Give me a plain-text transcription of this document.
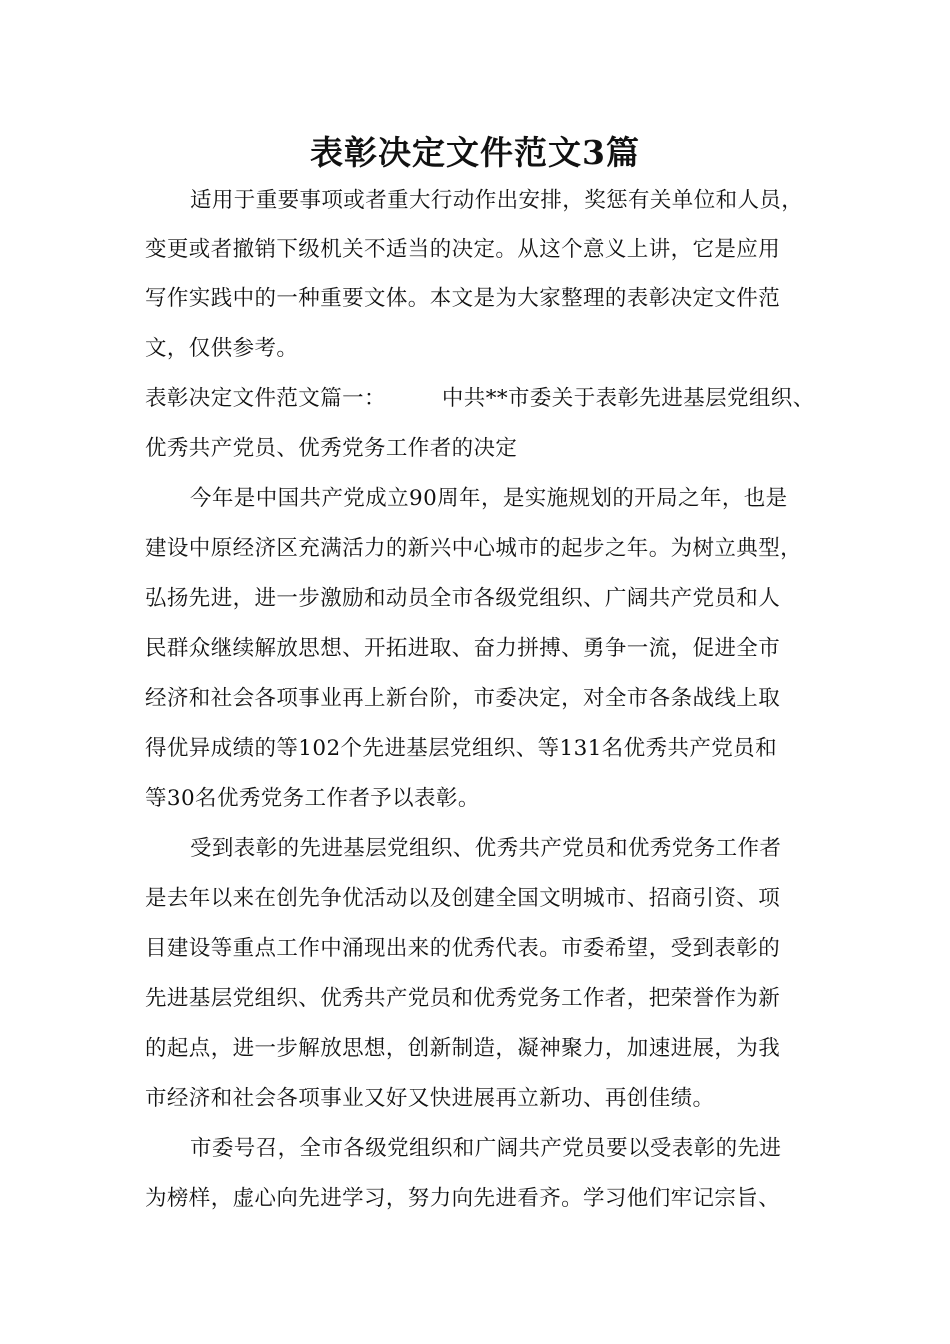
表彰决定文件范文3篇
适用于重要事项或者重大行动作出安排，奖惩有关单位和人员，
变更或者撤销下级机关不适当的决定。从这个意义上讲，它是应用
写作实践中的一种重要文体。本文是为大家整理的表彰决定文件范
文，仅供参考。
表彰决定文件范文篇一：	中共**市委关于表彰先进基层党组织、
优秀共产党员、优秀党务工作者的决定
今年是中国共产党成立90周年，是实施规划的开局之年，也是
建设中原经济区充满活力的新兴中心城市的起步之年。为树立典型，
弘扬先进，进一步激励和动员全市各级党组织、广阔共产党员和人
民群众继续解放思想、开拓进取、奋力拼搏、勇争一流，促进全市
经济和社会各项事业再上新台阶，市委决定，对全市各条战线上取
得优异成绩的等102个先进基层党组织、等131名优秀共产党员和
等30名优秀党务工作者予以表彰。
受到表彰的先进基层党组织、优秀共产党员和优秀党务工作者
是去年以来在创先争优活动以及创建全国文明城市、招商引资、项
目建设等重点工作中涌现出来的优秀代表。市委希望，受到表彰的
先进基层党组织、优秀共产党员和优秀党务工作者，把荣誉作为新
的起点，进一步解放思想，创新制造，凝神聚力，加速进展，为我
市经济和社会各项事业又好又快进展再立新功、再创佳绩。
市委号召，全市各级党组织和广阔共产党员要以受表彰的先进
为榜样，虚心向先进学习，努力向先进看齐。学习他们牢记宗旨、
